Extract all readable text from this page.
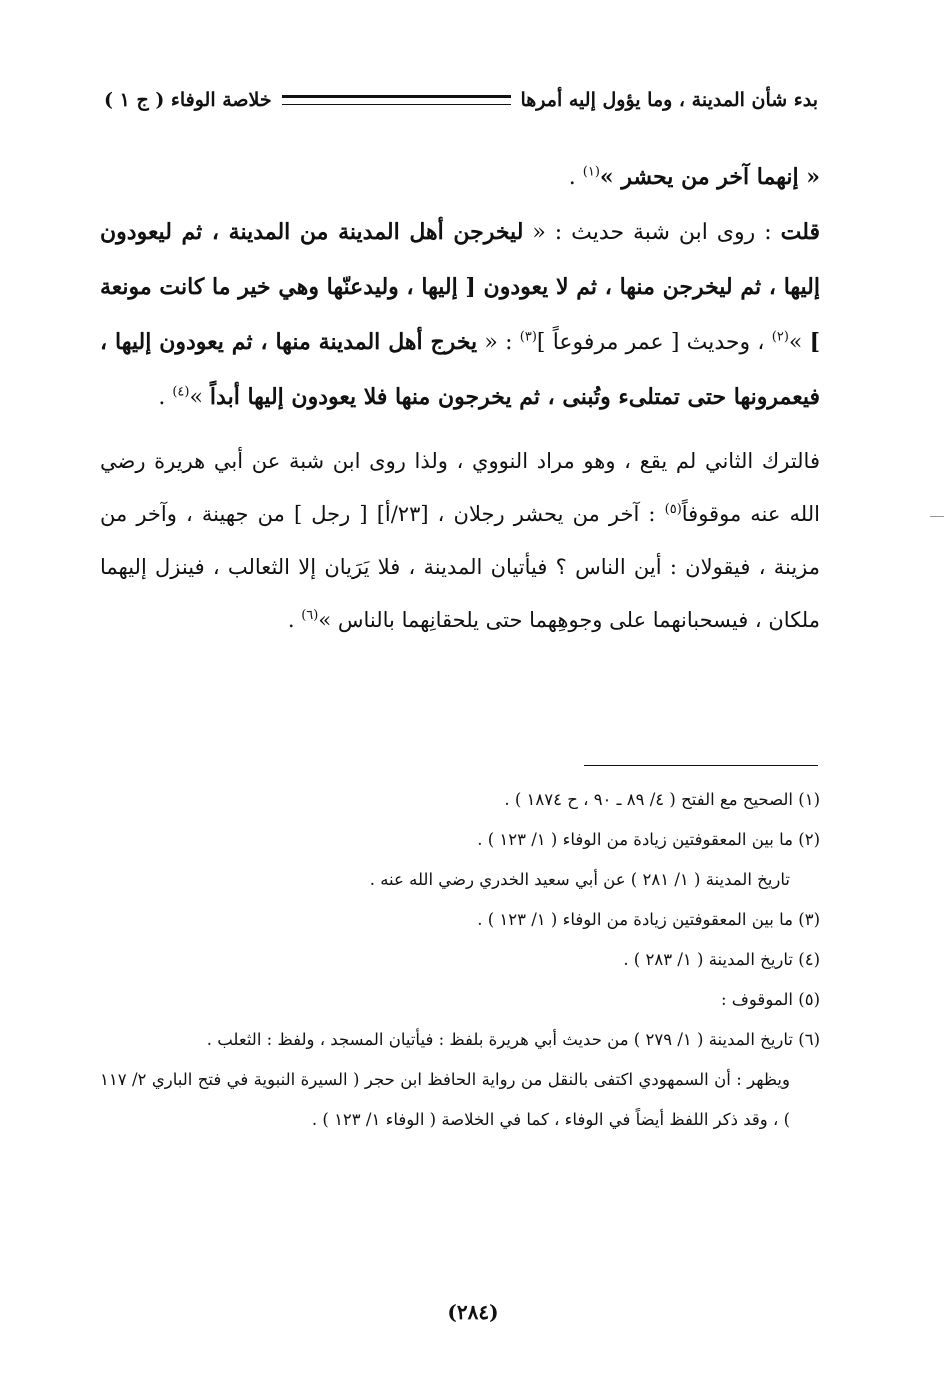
بدء شأن المدينة ، وما يؤول إليه أمرها
خلاصة الوفاء ( ج ١ )

« إنهما آخر من يحشر »$^{(١)}$ .

قلت : روى ابن شبة حديث : « ليخرجن أهل المدينة من المدينة ، ثم ليعودون إليها ، ثم ليخرجن منها ، ثم لا يعودون [ إليها ، وليدعنّها وهي خير ما كانت مونعة ] »$^{(٢)}$ ، وحديث [ عمر مرفوعاً ]$^{(٣)}$ : « يخرج أهل المدينة منها ، ثم يعودون إليها ، فيعمرونها حتى تمتلىء وتُبنى ، ثم يخرجون منها فلا يعودون إليها أبداً »$^{(٤)}$ .

فالترك الثاني لم يقع ، وهو مراد النووي ، ولذا روى ابن شبة عن أبي هريرة رضي الله عنه موقوفاً$^{(٥)}$ : آخر من يحشر رجلان ، [٢٣/أ] [ رجل ] من جهينة ، وآخر من مزينة ، فيقولان : أين الناس ؟ فيأتيان المدينة ، فلا يَرَيان إلا الثعالب ، فينزل إليهما ملكان ، فيسحبانهما على وجوهِهما حتى يلحقانِهما بالناس »$^{(٦)}$ .

(١) الصحيح مع الفتح ( ٤/ ٨٩ ـ ٩٠ ، ح ١٨٧٤ ) .

(٢) ما بين المعقوفتين زيادة من الوفاء ( ١/ ١٢٣ ) .

تاريخ المدينة ( ١/ ٢٨١ ) عن أبي سعيد الخدري رضي الله عنه .

(٣) ما بين المعقوفتين زيادة من الوفاء ( ١/ ١٢٣ ) .

(٤) تاريخ المدينة ( ١/ ٢٨٣ ) .

(٥) الموقوف :

(٦) تاريخ المدينة ( ١/ ٢٧٩ ) من حديث أبي هريرة بلفظ : فيأتيان المسجد ، ولفظ : الثعلب .

ويظهر : أن السمهودي اكتفى بالنقل من رواية الحافظ ابن حجر ( السيرة النبوية في فتح الباري ٢/ ١١٧ ) ، وقد ذكر اللفظ أيضاً في الوفاء ، كما في الخلاصة ( الوفاء ١/ ١٢٣ ) .

(٢٨٤)
